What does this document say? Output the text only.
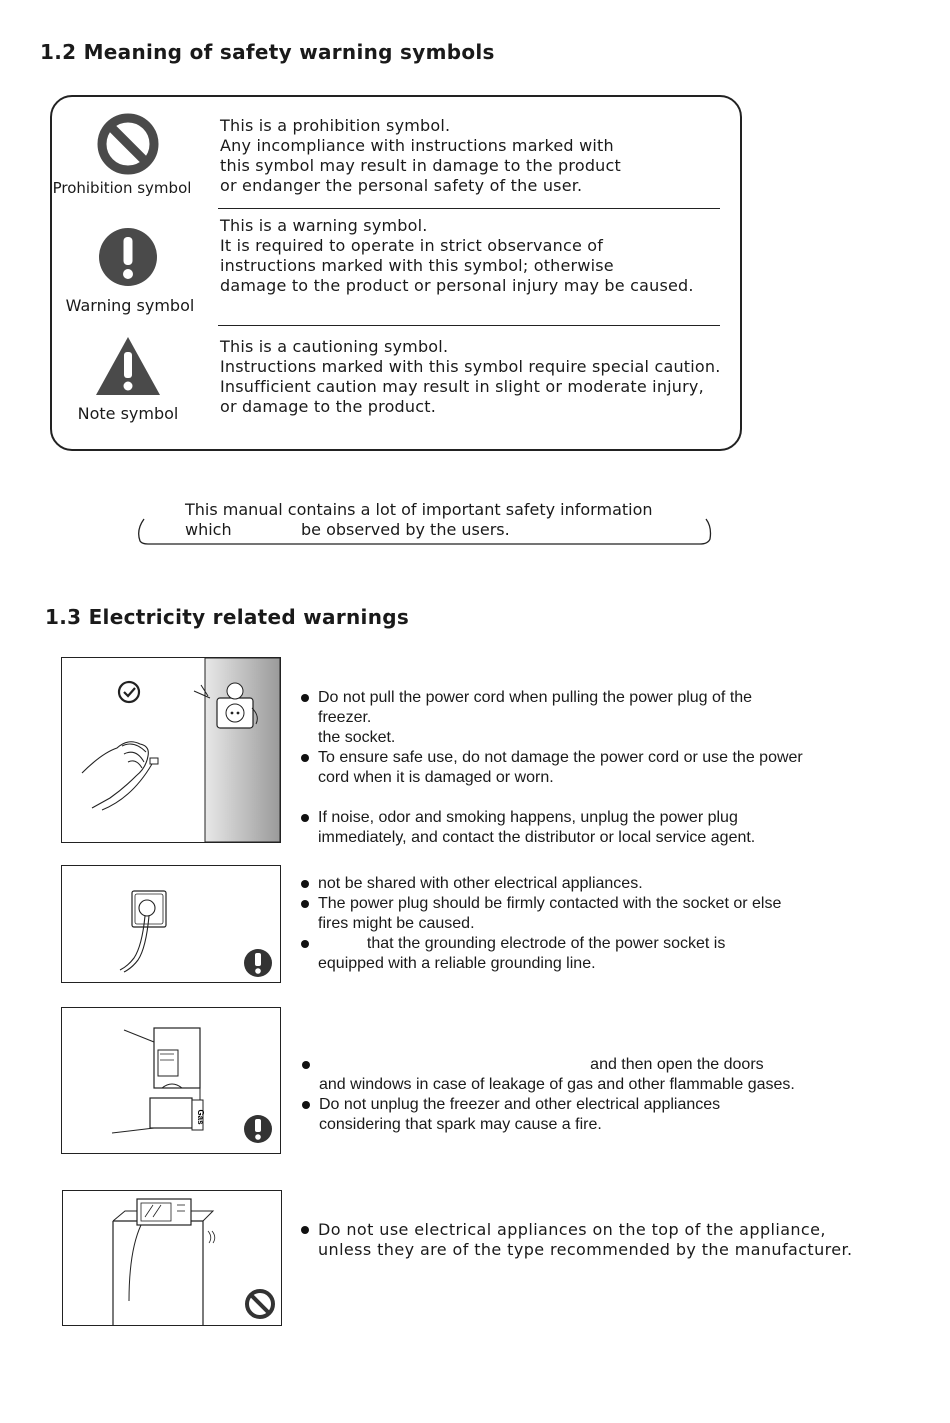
1.2 Meaning of safety warning symbols
Prohibition symbol
This is a prohibition symbol.
Any incompliance with instructions marked with
this symbol may result in damage to the product
or endanger the personal safety of the user.
Warning symbol
This is a warning symbol.
It is required to operate in strict observance of
instructions marked with this symbol; otherwise
damage to the product or personal injury may be caused.
Note symbol
This is a cautioning symbol.
Instructions marked with this symbol require special caution.
Insufficient caution may result in slight or moderate injury,
or damage to the product.
This manual contains a lot of important safety information
which	be observed by the users.
1.3 Electricity related warnings
Do not pull the power cord when pulling the power plug of the
freezer.
the socket.
To ensure safe use, do not damage the power cord or use the power
cord when it is damaged or worn.
If noise, odor and smoking happens, unplug the power plug
immediately, and contact the distributor or local service agent.
not be shared with other electrical appliances.
The power plug should be firmly contacted with the socket or else
fires might be caused.
that the grounding electrode of the power socket is
equipped with a reliable grounding line.
Gas
and then open the doors
and windows in case of leakage of gas and other flammable gases.
Do not unplug the freezer and other electrical appliances
considering that spark may cause a fire.
Do not use electrical appliances on the top of the appliance,
unless they are of the type recommended by the manufacturer.
